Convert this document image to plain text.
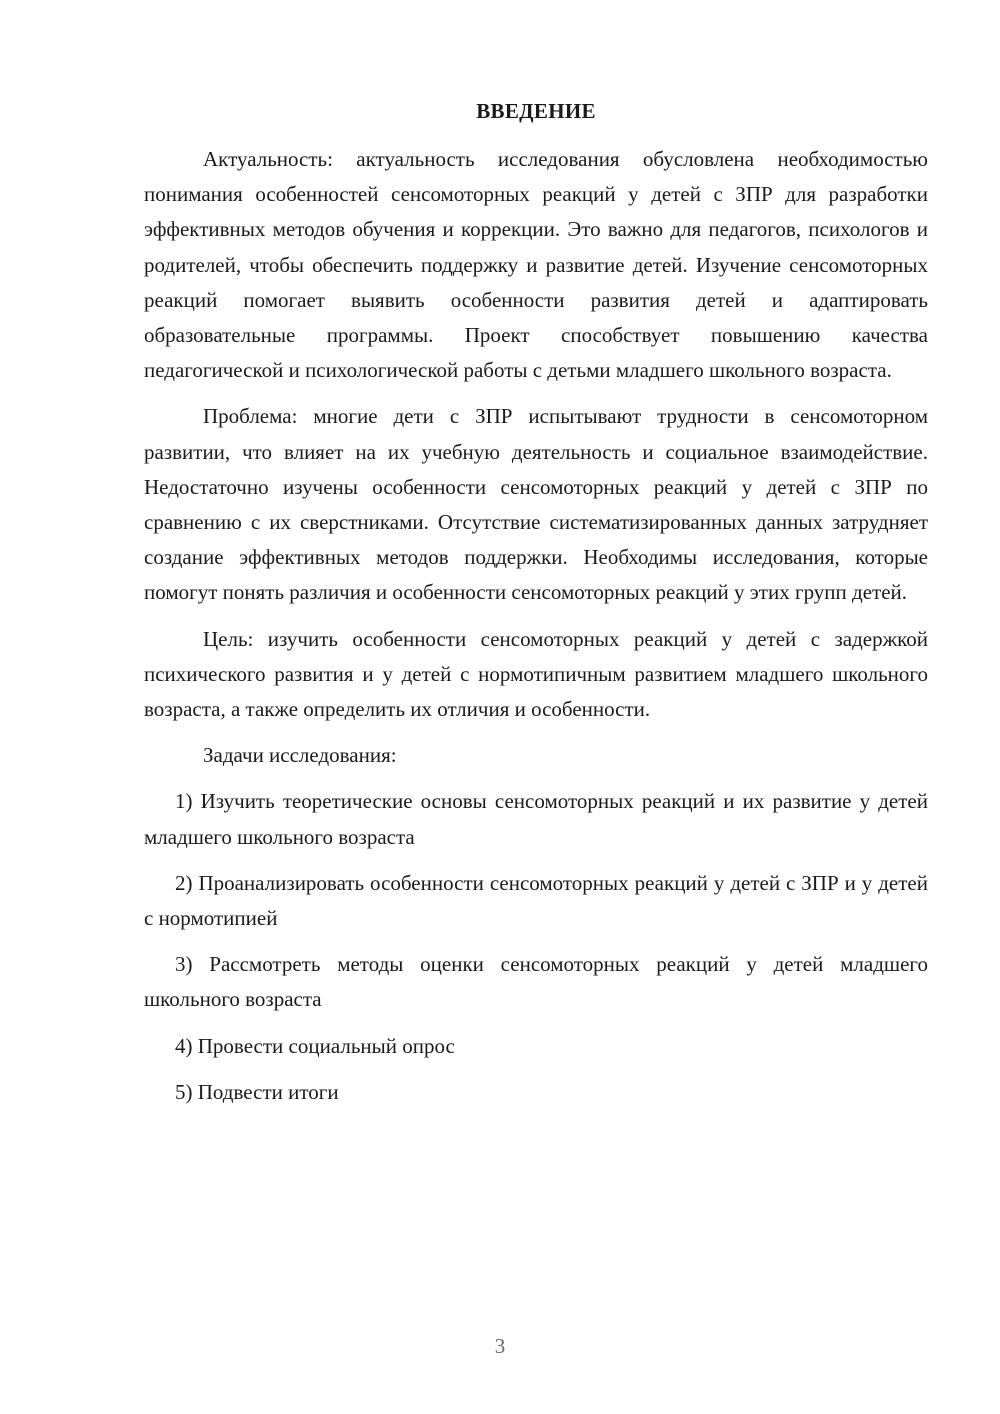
ВВЕДЕНИЕ

Актуальность: актуальность исследования обусловлена необходимостью понимания особенностей сенсомоторных реакций у детей с ЗПР для разработки эффективных методов обучения и коррекции. Это важно для педагогов, психологов и родителей, чтобы обеспечить поддержку и развитие детей. Изучение сенсомоторных реакций помогает выявить особенности развития детей и адаптировать образовательные программы. Проект способствует повышению качества педагогической и психологической работы с детьми младшего школьного возраста.

Проблема: многие дети с ЗПР испытывают трудности в сенсомоторном развитии, что влияет на их учебную деятельность и социальное взаимодействие. Недостаточно изучены особенности сенсомоторных реакций у детей с ЗПР по сравнению с их сверстниками. Отсутствие систематизированных данных затрудняет создание эффективных методов поддержки. Необходимы исследования, которые помогут понять различия и особенности сенсомоторных реакций у этих групп детей.

Цель: изучить особенности сенсомоторных реакций у детей с задержкой психического развития и у детей с нормотипичным развитием младшего школьного возраста, а также определить их отличия и особенности.

Задачи исследования:

1) Изучить теоретические основы сенсомоторных реакций и их развитие у детей младшего школьного возраста

2) Проанализировать особенности сенсомоторных реакций у детей с ЗПР и у детей с нормотипией

3) Рассмотреть методы оценки сенсомоторных реакций у детей младшего школьного возраста

4) Провести социальный опрос

5) Подвести итоги

3
